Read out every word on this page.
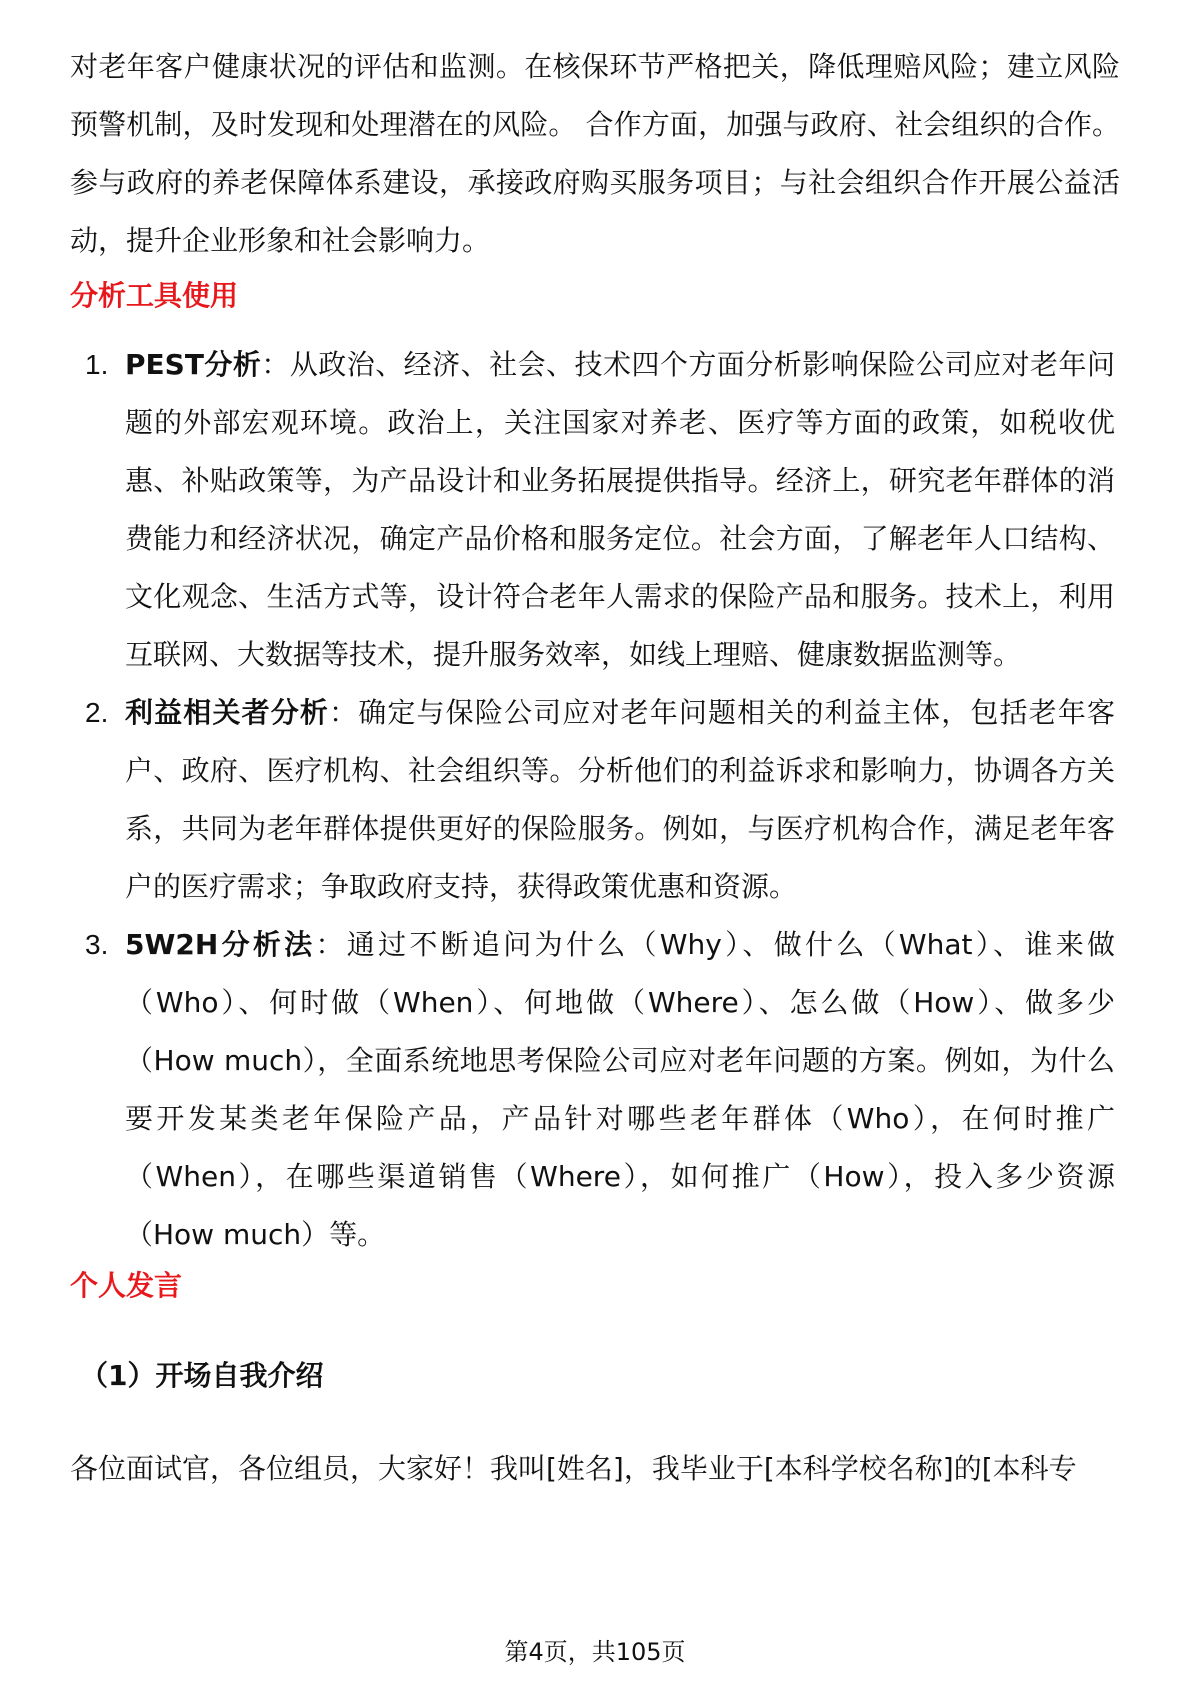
对老年客户健康状况的评估和监测。在核保环节严格把关，降低理赔风险；建立风险预警机制，及时发现和处理潜在的风险。 合作方面，加强与政府、社会组织的合作。参与政府的养老保障体系建设，承接政府购买服务项目；与社会组织合作开展公益活动，提升企业形象和社会影响力。

分析工具使用
1. PEST分析：从政治、经济、社会、技术四个方面分析影响保险公司应对老年问题的外部宏观环境。政治上，关注国家对养老、医疗等方面的政策，如税收优惠、补贴政策等，为产品设计和业务拓展提供指导。经济上，研究老年群体的消费能力和经济状况，确定产品价格和服务定位。社会方面，了解老年人口结构、文化观念、生活方式等，设计符合老年人需求的保险产品和服务。技术上，利用互联网、大数据等技术，提升服务效率，如线上理赔、健康数据监测等。
2. 利益相关者分析：确定与保险公司应对老年问题相关的利益主体，包括老年客户、政府、医疗机构、社会组织等。分析他们的利益诉求和影响力，协调各方关系，共同为老年群体提供更好的保险服务。例如，与医疗机构合作，满足老年客户的医疗需求；争取政府支持，获得政策优惠和资源。
3. 5W2H分析法：通过不断追问为什么（Why）、做什么（What）、谁来做（Who）、何时做（When）、何地做（Where）、怎么做（How）、做多少（How much），全面系统地思考保险公司应对老年问题的方案。例如，为什么要开发某类老年保险产品，产品针对哪些老年群体（Who），在何时推广（When），在哪些渠道销售（Where），如何推广（How），投入多少资源（How much）等。
个人发言
（1）开场自我介绍

各位面试官，各位组员，大家好！我叫[姓名]，我毕业于[本科学校名称]的[本科专

第4页，共105页
